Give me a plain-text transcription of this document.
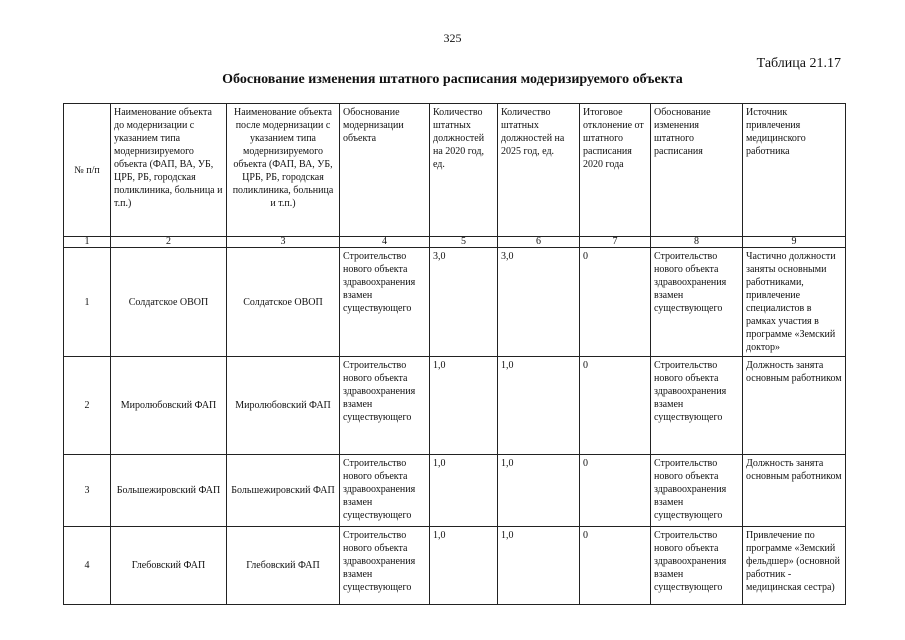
325
Таблица 21.17
Обоснование изменения штатного расписания модеризируемого объекта
№ п/п	Наименование объекта до модернизации с указанием типа модернизируемого объекта (ФАП, ВА, УБ, ЦРБ, РБ, городская поликлиника, больница и т.п.)	Наименование объекта после модернизации с указанием типа модернизируемого объекта (ФАП, ВА, УБ, ЦРБ, РБ, городская поликлиника, больница и т.п.)	Обоснование модернизации объекта	Количество штатных должностей на 2020 год, ед.	Количество штатных должностей на 2025 год, ед.	Итоговое отклонение от штатного расписания 2020 года	Обоснование изменения штатного расписания	Источник привлечения медицинского работника
1	2	3	4	5	6	7	8	9
1	Солдатское ОВОП	Солдатское ОВОП	Строительство нового объекта здравоохранения взамен существующего	3,0	3,0	0	Строительство нового объекта здравоохранения взамен существующего	Частично должности заняты основными работниками, привлечение специалистов в рамках участия в программе «Земский доктор»
2	Миролюбовский ФАП	Миролюбовский ФАП	Строительство нового объекта здравоохранения взамен существующего	1,0	1,0	0	Строительство нового объекта здравоохранения взамен существующего	Должность занята основным работником
3	Большежировский ФАП	Большежировский ФАП	Строительство нового объекта здравоохранения взамен существующего	1,0	1,0	0	Строительство нового объекта здравоохранения взамен существующего	Должность занята основным работником
4	Глебовский ФАП	Глебовский ФАП	Строительство нового объекта здравоохранения взамен существующего	1,0	1,0	0	Строительство нового объекта здравоохранения взамен существующего	Привлечение по программе «Земский фельдшер» (основной работник - медицинская сестра)
